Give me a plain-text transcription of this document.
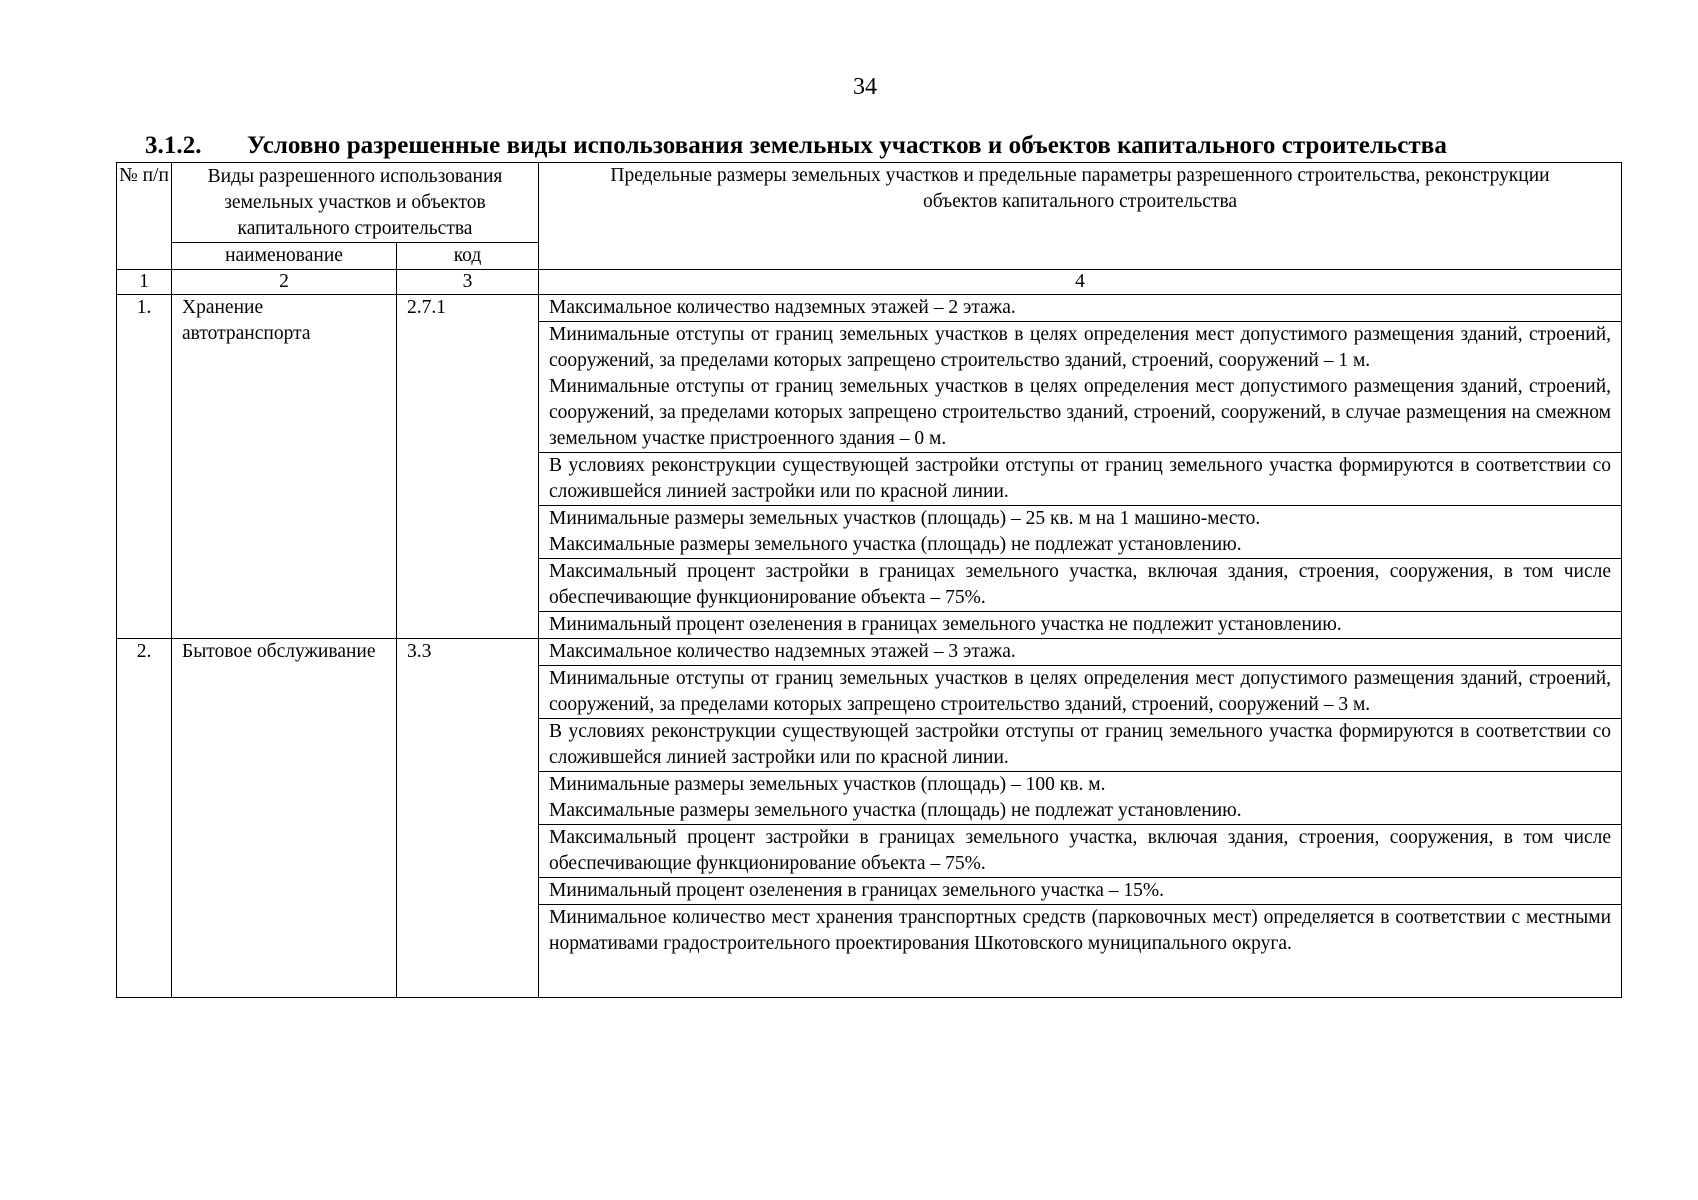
34
3.1.2. Условно разрешенные виды использования земельных участков и объектов капитального строительства
№ п/п	Виды разрешенного использования земельных участков и объектов капитального строительства		Предельные размеры земельных участков и предельные параметры разрешенного строительства, реконструкции объектов капитального строительства
	наименование	код	
1	2	3	4
1.	Хранение автотранспорта	2.7.1	Максимальное количество надземных этажей – 2 этажа.
			Минимальные отступы от границ земельных участков в целях определения мест допустимого размещения зданий, строений, сооружений, за пределами которых запрещено строительство зданий, строений, сооружений – 1 м.
Минимальные отступы от границ земельных участков в целях определения мест допустимого размещения зданий, строений, сооружений, за пределами которых запрещено строительство зданий, строений, сооружений, в случае размещения на смежном земельном участке пристроенного здания – 0 м.
			В условиях реконструкции существующей застройки отступы от границ земельного участка формируются в соответствии со сложившейся линией застройки или по красной линии.
			Минимальные размеры земельных участков (площадь) – 25 кв. м на 1 машино-место.
Максимальные размеры земельного участка (площадь) не подлежат установлению.
			Максимальный процент застройки в границах земельного участка, включая здания, строения, сооружения, в том числе обеспечивающие функционирование объекта – 75%.
			Минимальный процент озеленения в границах земельного участка не подлежит установлению.
2.	Бытовое обслуживание	3.3	Максимальное количество надземных этажей – 3 этажа.
			Минимальные отступы от границ земельных участков в целях определения мест допустимого размещения зданий, строений, сооружений, за пределами которых запрещено строительство зданий, строений, сооружений – 3 м.
			В условиях реконструкции существующей застройки отступы от границ земельного участка формируются в соответствии со сложившейся линией застройки или по красной линии.
			Минимальные размеры земельных участков (площадь) – 100 кв. м.
Максимальные размеры земельного участка (площадь) не подлежат установлению.
			Максимальный процент застройки в границах земельного участка, включая здания, строения, сооружения, в том числе обеспечивающие функционирование объекта – 75%.
			Минимальный процент озеленения в границах земельного участка – 15%.
			Минимальное количество мест хранения транспортных средств (парковочных мест) определяется в соответствии с местными нормативами градостроительного проектирования Шкотовского муниципального округа.
